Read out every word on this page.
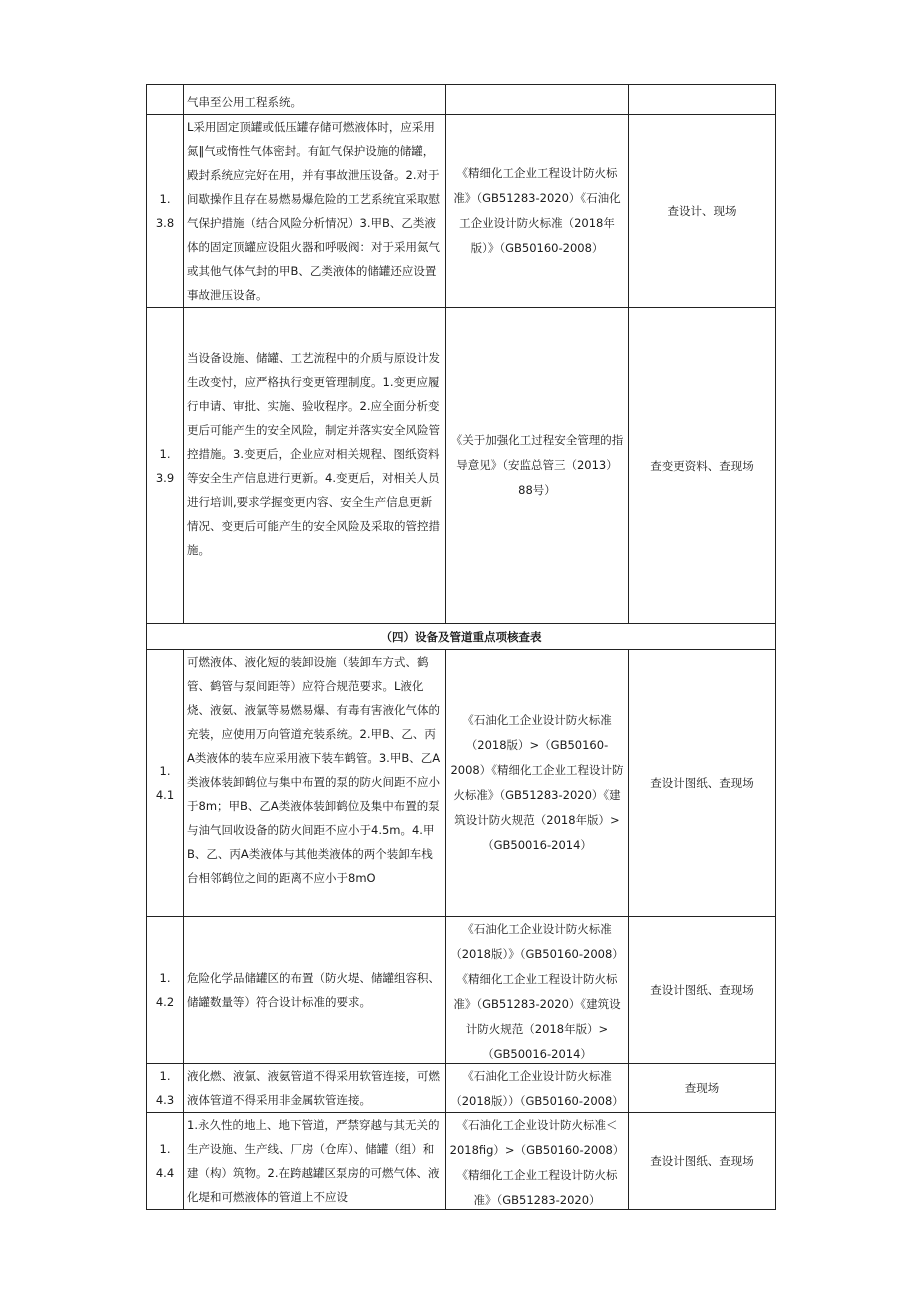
	气串至公用工程系统。		

1.
3.8	L采用固定顶罐或低压罐存储可燃液体时，应采用氮‖气或惰性气体密封。有缸气保护设施的储罐，殿封系统应完好在用，并有事故泄压设备。2.对于间歇操作且存在易燃易爆危险的工艺系统宜采取慰气保护措施（结合风险分析情况）3.甲B、乙类液体的固定顶罐应设阻火器和呼吸阀：对于采用氮气或其他气体气封的甲B、乙类液体的储罐还应设置事故泄压设备。	《精细化工企业工程设计防火标准》（GB51283-2020）《石油化工企业设计防火标准（2018年版）》（GB50160-2008）	查设计、现场

1.
3.9	当设备设施、储罐、工艺流程中的介质与原设计发生改变忖，应严格执行变更管理制度。1.变更应履行申请、审批、实施、验收程序。2.应全面分析变更后可能产生的安全风险，制定并落实安全风险管控措施。3.变更后，企业应对相关规程、图纸资料等安全生产信息进行更新。4.变更后，对相关人员进行培训,要求学握变更内容、安全生产信息更新情况、变更后可能产生的安全风险及采取的管控措施。	《关于加强化工过程安全管理的指导意见》（安监总管三（2013）88号）	查变更资料、查现场
（四）设备及管道重点项核查表			

1.
4.1	可燃液体、液化短的装卸设施（装卸车方式、鹤管、鹤管与泵间距等）应符合规范要求。L液化烧、液氨、液氯等易燃易爆、有毒有害液化气体的充装，应使用万向管道充装系统。2.甲B、乙、丙A类液体的装车应采用液下装车鹤管。3.甲B、乙A类液体装卸鹤位与集中布置的泵的防火间距不应小于8m；甲B、乙A类液体装卸鹤位及集中布置的泵与油气回收设备的防火间距不应小于4.5m。4.甲B、乙、丙A类液体与其他类液体的两个装卸车栈台相邻鹤位之间的距离不应小于8mO	《石油化工企业设计防火标准（2018版）>（GB50160-2008）《精细化工企业工程设计防火标准》（GB51283-2020）《建筑设计防火规范（2018年版）>（GB50016-2014）	查设计图纸、查现场

1.
4.2	危险化学品储罐区的布置（防火堤、储罐组容积、储罐数量等）符合设计标准的要求。	《石油化工企业设计防火标准（2018版）》（GB50160-2008）《精细化工企业工程设计防火标准》（GB51283-2020）《建筑设计防火规范（2018年版）>（GB50016-2014）	查设计图纸、查现场

1.
4.3	液化燃、液氯、液氨管道不得采用软管连接，可燃液体管道不得采用非金属软管连接。	《石油化工企业设计防火标准（2018版））（GB50160-2008）	查现场

1.
4.4	1.永久性的地上、地下管道，严禁穿越与其无关的生产设施、生产线、厂房（仓库）、储罐（组）和建（构）筑物。2.在跨越罐区泵房的可燃气体、液化堤和可燃液体的管道上不应设	《石油化工企业设计防火标准＜2018fig）>（GB50160-2008）《精细化工企业工程设计防火标准》（GB51283-2020）	查设计图纸、查现场
